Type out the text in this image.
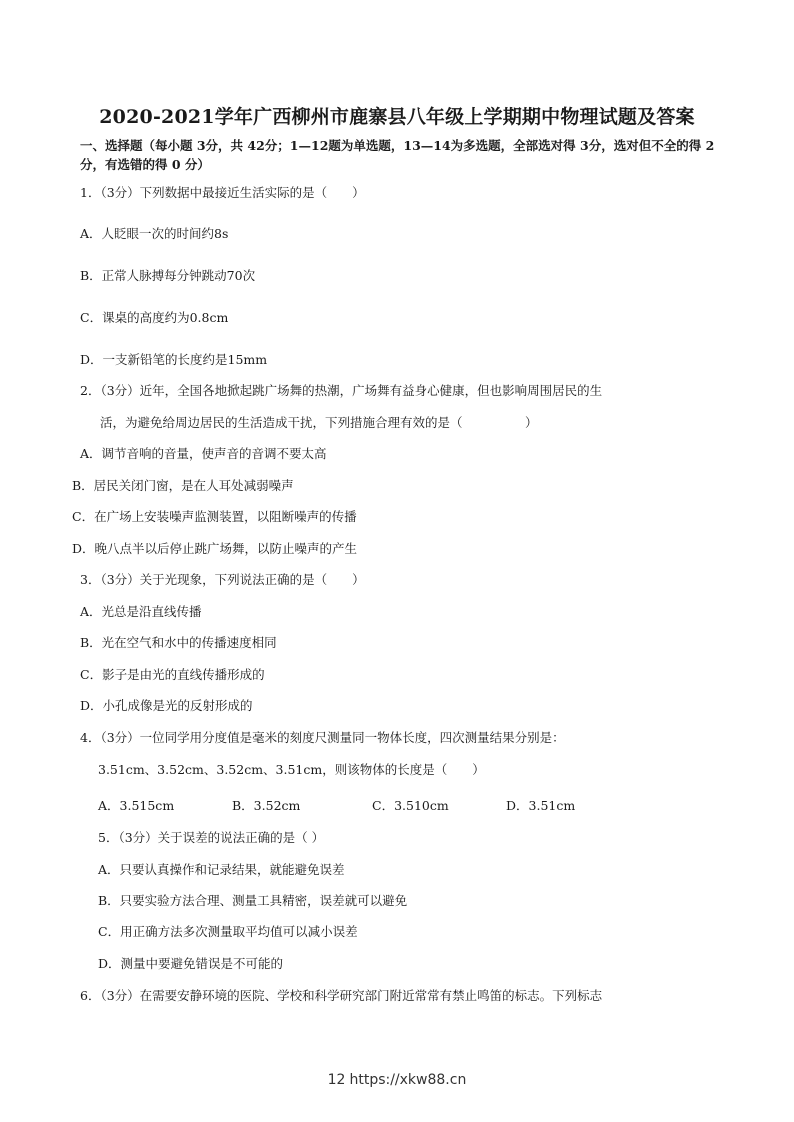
2020-2021学年广西柳州市鹿寨县八年级上学期期中物理试题及答案
一、选择题（每小题 3分，共 42分；1—12题为单选题，13—14为多选题，全部选对得 3分，选对但不全的得 2 分，有选错的得 0 分）
1．（3分）下列数据中最接近生活实际的是（　　）
A．人眨眼一次的时间约8s
B．正常人脉搏每分钟跳动70次
C．课桌的高度约为0.8cm
D．一支新铅笔的长度约是15mm
2．（3分）近年，全国各地掀起跳广场舞的热潮，广场舞有益身心健康，但也影响周围居民的生
活，为避免给周边居民的生活造成干扰，下列措施合理有效的是（　　　　　）
A．调节音响的音量，使声音的音调不要太高
B．居民关闭门窗，是在人耳处减弱噪声
C．在广场上安装噪声监测装置，以阻断噪声的传播
D．晚八点半以后停止跳广场舞，以防止噪声的产生
3．（3分）关于光现象，下列说法正确的是（　　）
A．光总是沿直线传播
B．光在空气和水中的传播速度相同
C．影子是由光的直线传播形成的
D．小孔成像是光的反射形成的
4．（3分）一位同学用分度值是毫米的刻度尺测量同一物体长度，四次测量结果分别是：
3.51cm、3.52cm、3.52cm、3.51cm，则该物体的长度是（　　）
A．3.515cm	B．3.52cm	C．3.510cm	D．3.51cm
5．（3分）关于误差的说法正确的是（ ）
A．只要认真操作和记录结果，就能避免误差
B．只要实验方法合理、测量工具精密，误差就可以避免
C．用正确方法多次测量取平均值可以减小误差
D．测量中要避免错误是不可能的
6．（3分）在需要安静环境的医院、学校和科学研究部门附近常常有禁止鸣笛的标志。下列标志
12 https://xkw88.cn
